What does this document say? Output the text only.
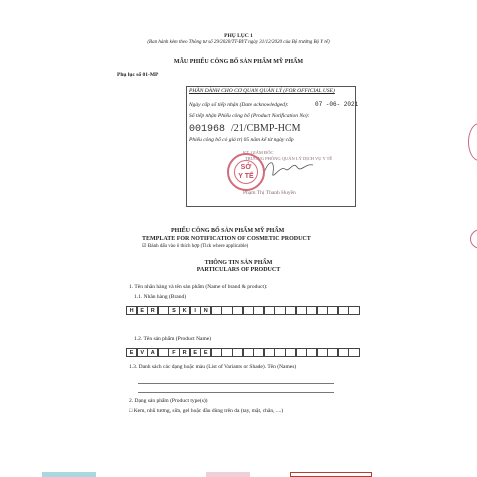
PHỤ LỤC 1
(Ban hành kèm theo Thông tư số 29/2020/TT-BYT ngày 31/12/2020 của Bộ trưởng Bộ Y tế)
MẪU PHIẾU CÔNG BỐ SẢN PHẨM MỸ PHẨM
Phụ lục số 01-MP
PHẦN DÀNH CHO CƠ QUAN QUẢN LÝ (FOR OFFICIAL USE)
Ngày cấp số tiếp nhận (Date acknowledged):	07 -06- 2021
Số tiếp nhận Phiếu công bố (Product Notification No):
001968 /21/CBMP-HCM
Phiếu công bố có giá trị 05 năm kể từ ngày cấp
KT. GIÁM ĐỐC
TRƯỞNG PHÒNG QUẢN LÝ DỊCH VỤ Y TẾ
Phạm Thị Thanh Huyền
SỞ
Y TẾ
PHIẾU CÔNG BỐ SẢN PHẨM MỸ PHẨM
TEMPLATE FOR NOTIFICATION OF COSMETIC PRODUCT
☑ Đánh dấu vào ô thích hợp (Tick where applicable)
THÔNG TIN SẢN PHẨM
PARTICULARS OF PRODUCT
1. Tên nhãn hàng và tên sản phẩm (Name of brand & product):
1.1. Nhãn hàng (Brand)
H	E	R	S	K	I	N
1.2. Tên sản phẩm (Product Name)
E	V	A	F	R	E	E
1.3. Danh sách các dạng hoặc màu (List of Variants or Shade). Tên (Names)
2. Dạng sản phẩm (Product type(s))
□ Kem, nhũ tương, sữa, gel hoặc dầu dùng trên da (tay, mặt, chân, ....)
